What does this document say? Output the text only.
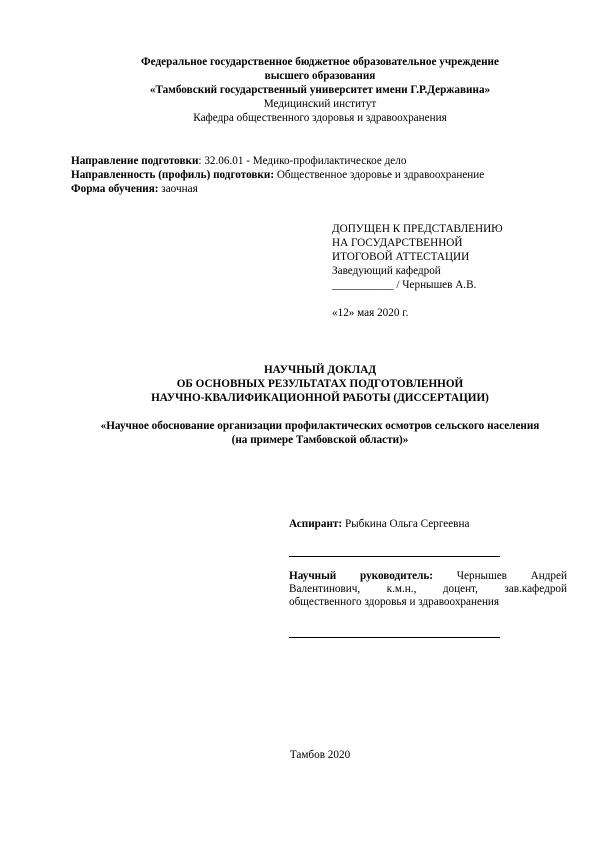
Федеральное государственное бюджетное образовательное учреждение
высшего образования
«Тамбовский государственный университет имени Г.Р.Державина»
Медицинский институт
Кафедра общественного здоровья и здравоохранения
Направление подготовки: 32.06.01 - Медико-профилактическое дело
Направленность (профиль) подготовки: Общественное здоровье и здравоохранение
Форма обучения: заочная
ДОПУЩЕН К ПРЕДСТАВЛЕНИЮ
НА ГОСУДАРСТВЕННОЙ
ИТОГОВОЙ АТТЕСТАЦИИ
Заведующий кафедрой
___________ / Чернышев А.В.
«12» мая 2020 г.
НАУЧНЫЙ ДОКЛАД
ОБ ОСНОВНЫХ РЕЗУЛЬТАТАХ ПОДГОТОВЛЕННОЙ
НАУЧНО-КВАЛИФИКАЦИОННОЙ РАБОТЫ (ДИССЕРТАЦИИ)
«Научное обоснование организации профилактических осмотров сельского населения
(на примере Тамбовской области)»
Аспирант: Рыбкина Ольга Сергеевна
Научный руководитель: Чернышев Андрей Валентинович, к.м.н., доцент, зав.кафедрой общественного здоровья и здравоохранения
Тамбов 2020
